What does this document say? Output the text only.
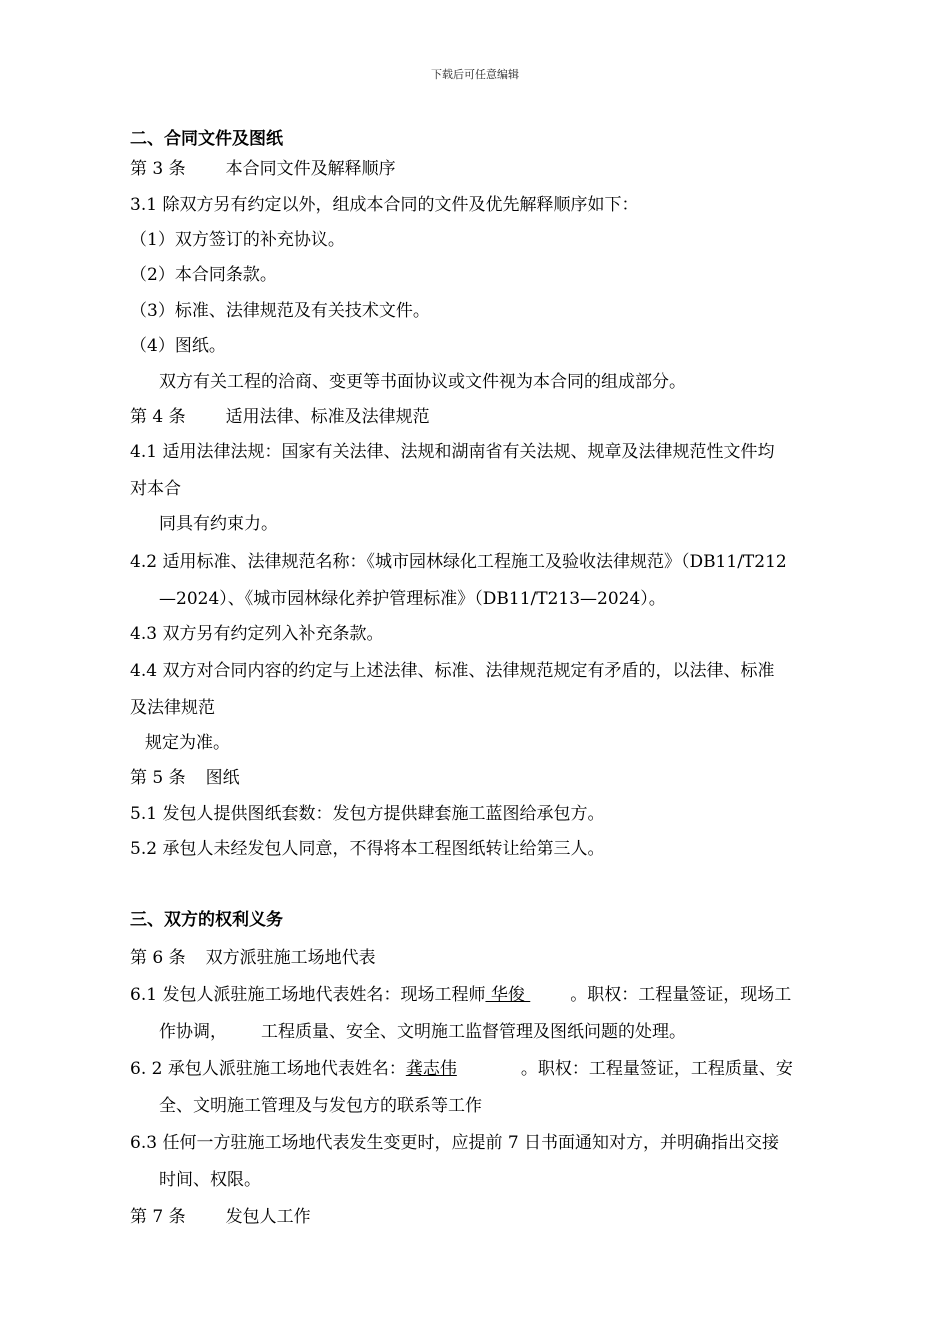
下载后可任意编辑

二、合同文件及图纸

第 3 条 本合同文件及解释顺序

3.1 除双方另有约定以外，组成本合同的文件及优先解释顺序如下：

（1）双方签订的补充协议。

（2）本合同条款。

（3）标准、法律规范及有关技术文件。

（4）图纸。

双方有关工程的洽商、变更等书面协议或文件视为本合同的组成部分。

第 4 条 适用法律、标准及法律规范

4.1 适用法律法规：国家有关法律、法规和湖南省有关法规、规章及法律规范性文件均

对本合

同具有约束力。

4.2 适用标准、法律规范名称：《城市园林绿化工程施工及验收法律规范》（DB11/T212

—2024）、《城市园林绿化养护管理标准》（DB11/T213—2024）。

4.3 双方另有约定列入补充条款。

4.4 双方对合同内容的约定与上述法律、标准、法律规范规定有矛盾的，以法律、标准

及法律规范

规定为准。

第 5 条 图纸

5.1 发包人提供图纸套数：发包方提供肆套施工蓝图给承包方。

5.2 承包人未经发包人同意，不得将本工程图纸转让给第三人。

三、双方的权利义务

第 6 条 双方派驻施工场地代表

6.1 发包人派驻施工场地代表姓名：现场工程师 华俊 。职权：工程量签证，现场工

作协调， 工程质量、安全、文明施工监督管理及图纸问题的处理。

6. 2 承包人派驻施工场地代表姓名：龚志伟	。职权：工程量签证，工程质量、安

全、文明施工管理及与发包方的联系等工作

6.3 任何一方驻施工场地代表发生变更时，应提前 7 日书面通知对方，并明确指出交接

时间、权限。

第 7 条 发包人工作
